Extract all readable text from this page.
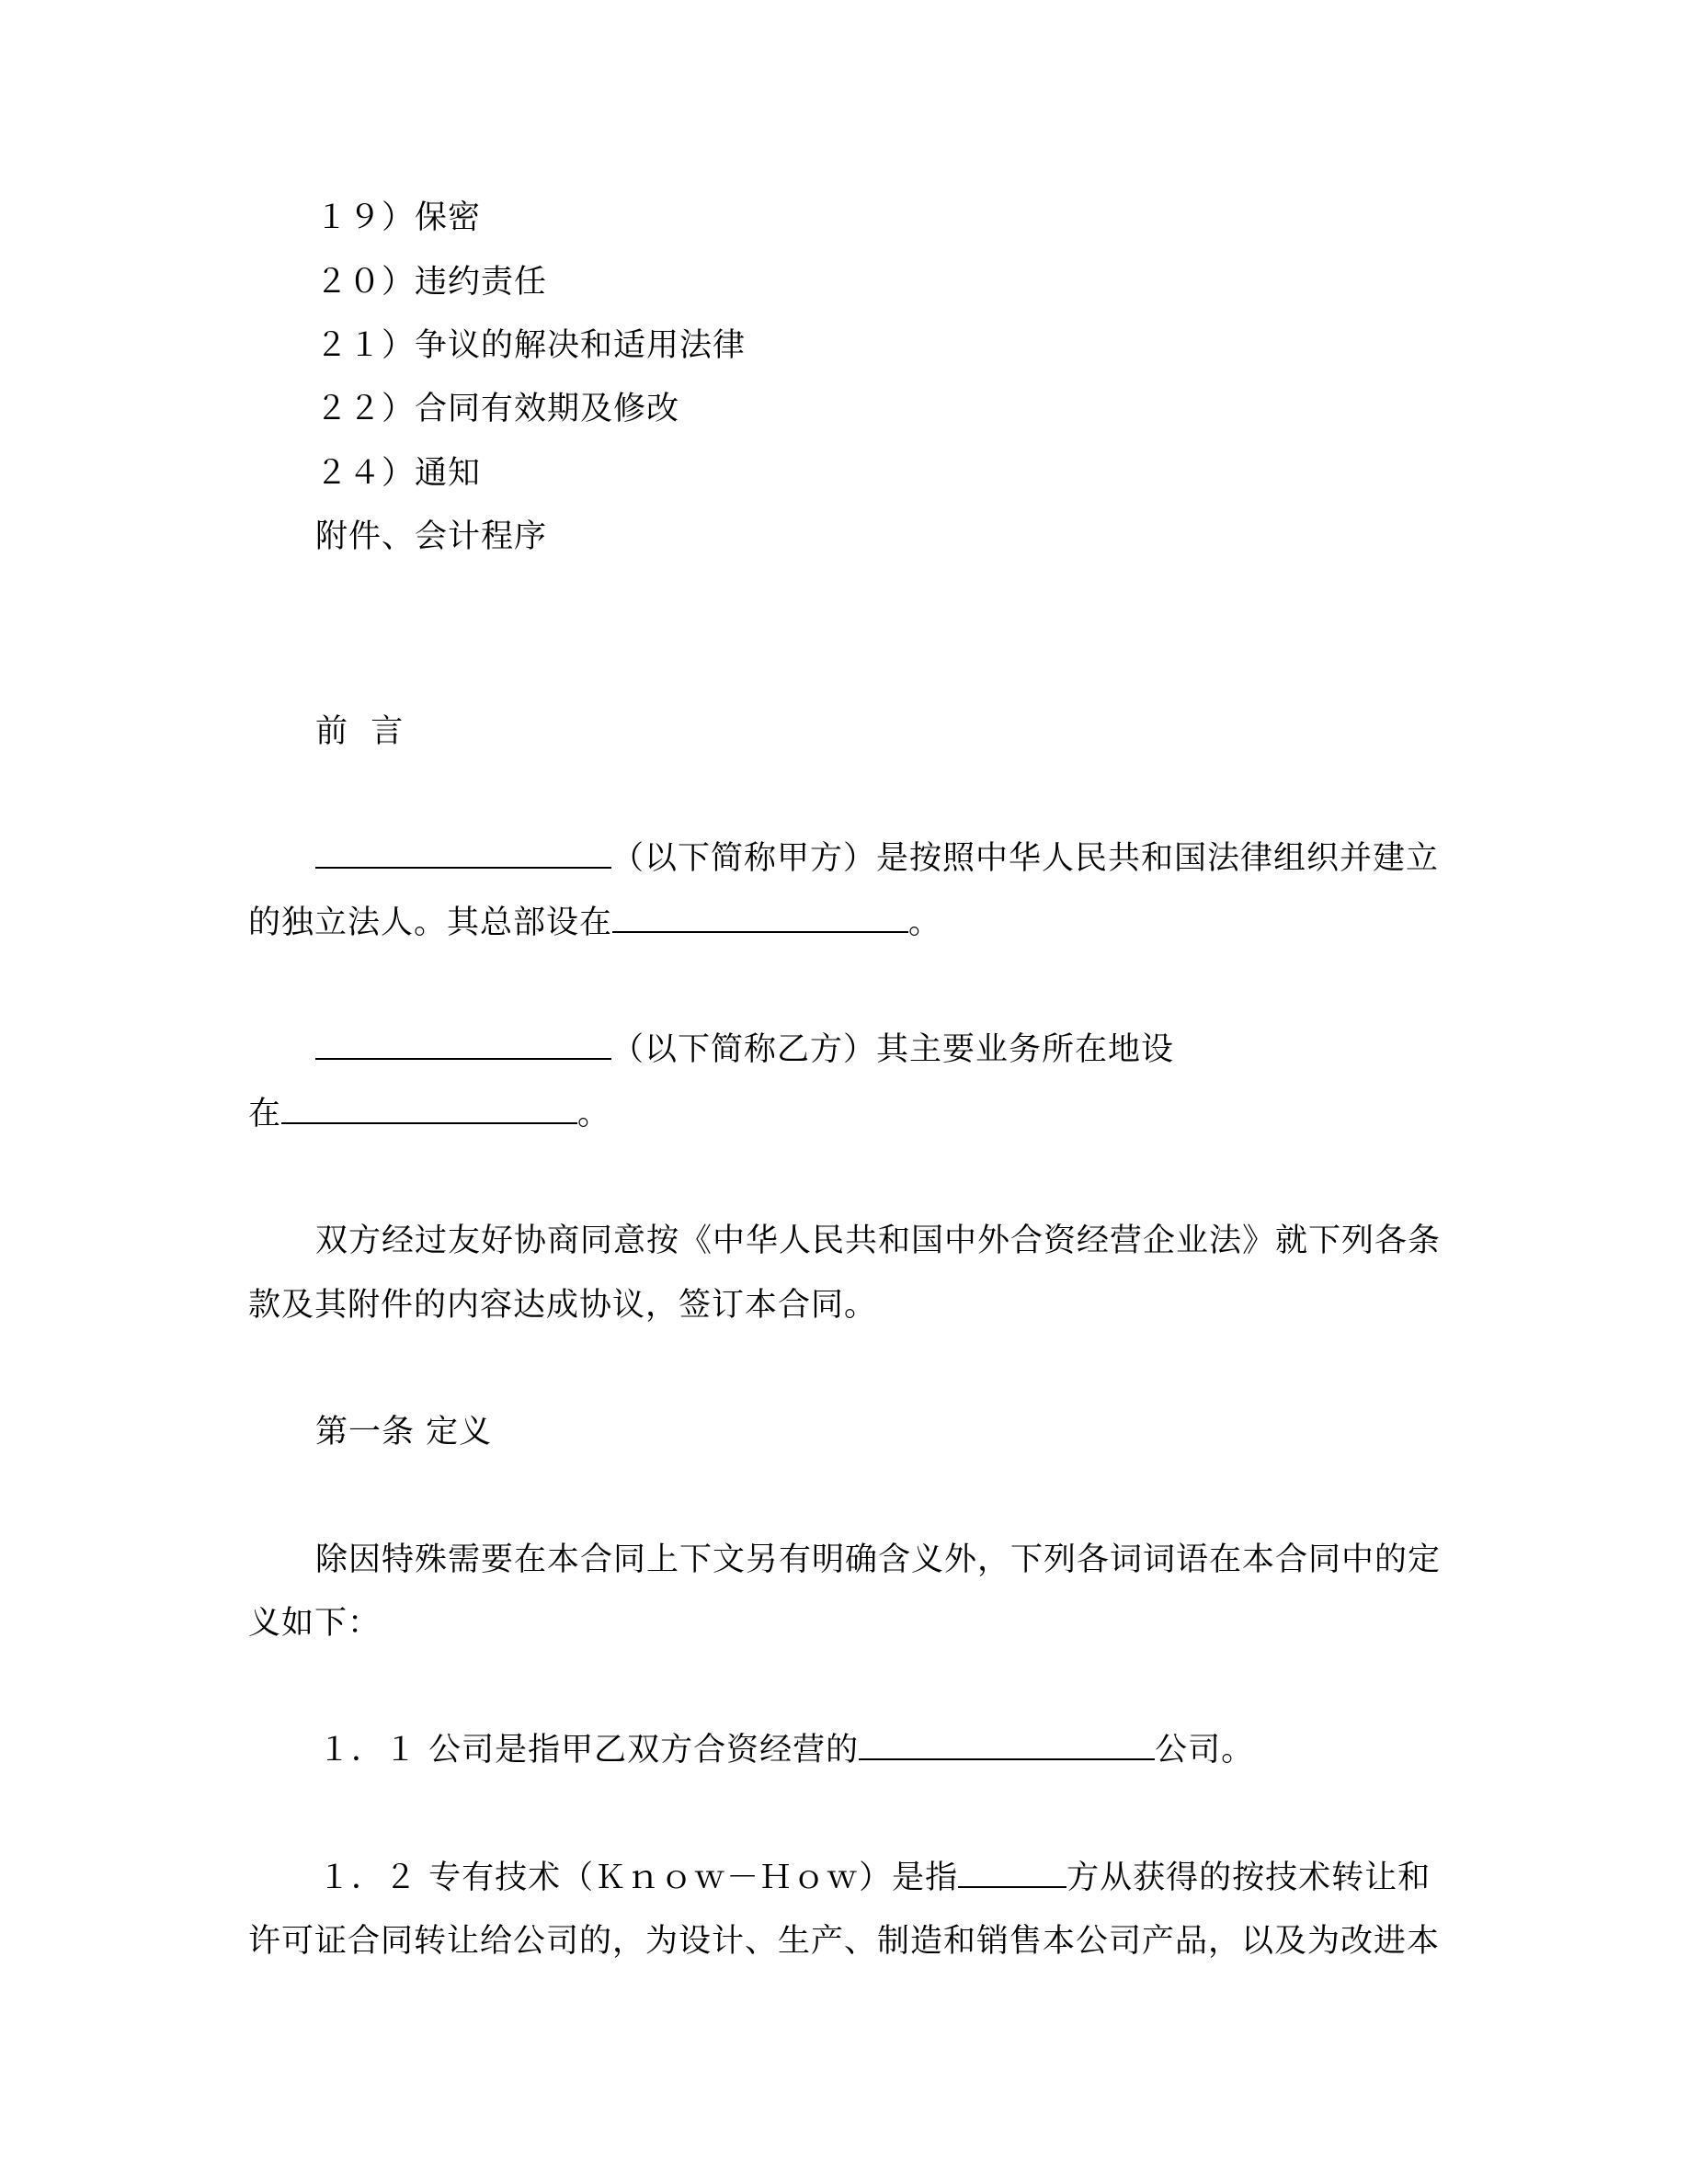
１９）保密
２０）违约责任
２１）争议的解决和适用法律
２２）合同有效期及修改
２４）通知
附件、会计程序
前  言
（以下简称甲方）是按照中华人民共和国法律组织并建立
的独立法人。其总部设在	。
（以下简称乙方）其主要业务所在地设
在	。
双方经过友好协商同意按《中华人民共和国中外合资经营企业法》就下列各条
款及其附件的内容达成协议，签订本合同。
第一条 定义
除因特殊需要在本合同上下文另有明确含义外，下列各词词语在本合同中的定
义如下：
１．１ 公司是指甲乙双方合资经营的	公司。
１．２ 专有技术（Ｋｎｏｗ－Ｈｏｗ）是指	方从获得的按技术转让和
许可证合同转让给公司的，为设计、生产、制造和销售本公司产品，以及为改进本
